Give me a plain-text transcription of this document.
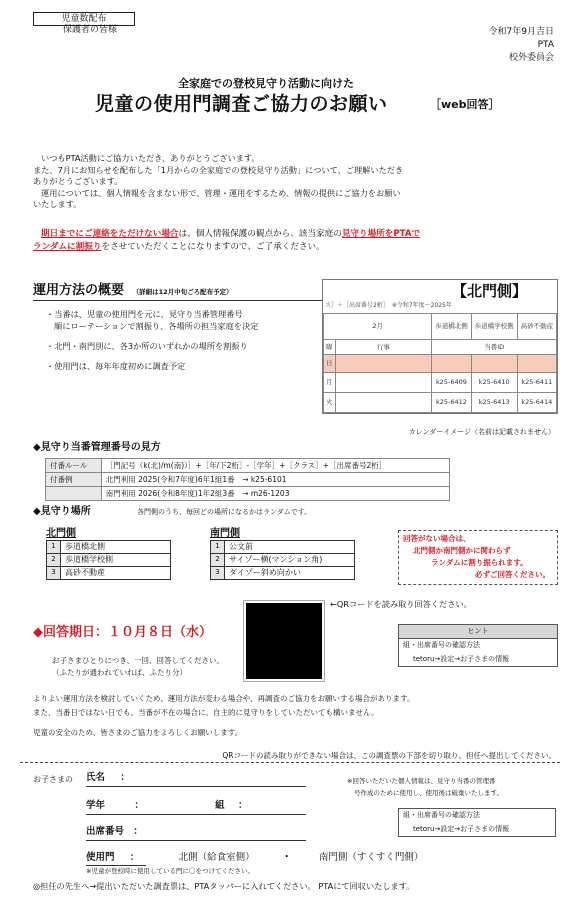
児童数配布
保護者の皆様	令和7年9月吉日
PTA
校外委員会
全家庭での登校見守り活動に向けた
児童の使用門調査ご協力のお願い	［web回答］
いつもPTA活動にご協力いただき、ありがとうございます。
また、7月にお知らせを配布した「1月からの全家庭での登校見守り活動」について、ご理解いただき
ありがとうございます。
運用については、個人情報を含まない形で、管理・運用をするため、情報の提供にご協力をお願い
いたします。
期日までにご連絡をただけない場合は、個人情報保護の観点から、該当家庭の見守り場所をPTAで
ランダムに割振りをさせていただくことになりますので、ご了承ください。
運用方法の概要 （詳細は12月中旬ごろ配布予定）
・当番は、児童の使用門を元に、見守り当番管理番号
順にローテーションで割振り、各場所の担当家庭を決定
・北門・南門別に、各3か所のいずれかの場所を割振り
・使用門は、毎年年度初めに調査予定
【北門側】
ス］＋［出席番号2桁］　※令和7年度～2025年
2月		歩道橋北側	歩道橋学校側	高砂不動産
曜	行事	当番ID		
日				
月		k25-6409	k25-6410	k25-6411
火		k25-6412	k25-6413	k25-6414
カレンダーイメージ（名前は記載されません）
◆見守り当番管理番号の見方
付番ルール	［門記号（k(北)/m(南)）］+［年/下2桁］-［学年］+［クラス］+［出席番号2桁］
付番例	北門利用 2025(令和7年度)6年1組1番　→ k25-6101
	南門利用 2026(令和8年度)1年2組3番　→ m26-1203
◆見守り場所	各門側のうち、毎回どの場所になるかはランダムです。
北門側
1	歩道橋北側
2	歩道橋学校側
3	高砂不動産
南門側
1	公文前
2	サイゾー横(マンション角)
3	ダイゾー斜め向かい
回答がない場合は、
北門側か南門側かに関わらず
ランダムに割り振られます。
必ずご回答ください。
◆回答期日：１０月８日（水）
お子さまひとりにつき、一回、回答してください。
（ふたりが通われていれば、ふたり分）
←QRコードを読み取り回答ください。
ヒント
組・出席番号の確認方法
tetoru→設定→お子さまの情報
よりよい運用方法を検討していくため、運用方法が変わる場合や、再調査のご協力をお願いする場合があります。
また、当番日ではない日でも、当番が不在の場合に、自主的に見守りをしていただいても構いません。
児童の安全のため、皆さまのご協力をよろしくお願いします。
QRコードの読み取りができない場合は、この調査票の下部を切り取り、担任へ提出してください。
お子さまの 氏名 ：	※回答いただいた個人情報は、見守り当番の管理番
号作成のために使用し、使用後は破棄いたします。
学年	：	組 ：
組・出席番号の確認方法
tetoru→設定→お子さまの情報
出席番号 ：
使用門 ：	北側（給食室側）	・	南門側（すくすく門側）
※児童が登校時に使用している門に〇をつけてください。
◎担任の先生へ→提出いただいた調査票は、PTAタッパーに入れてください。 PTAにて回収いたします。
